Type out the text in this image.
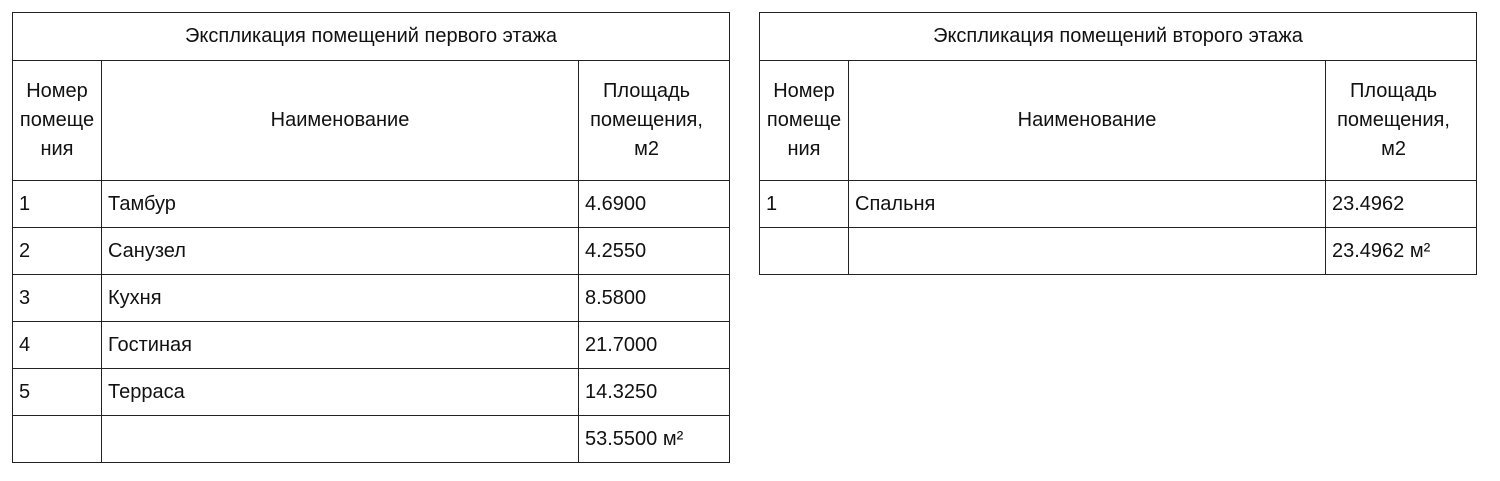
Экспликация помещений первого этажа		
Номер помеще ния	Наименование	Площадь помещения, м2
1	Тамбур	4.6900
2	Санузел	4.2550
3	Кухня	8.5800
4	Гостиная	21.7000
5	Терраса	14.3250
		53.5500 м²
Экспликация помещений второго этажа		
Номер помеще ния	Наименование	Площадь помещения, м2
1	Спальня	23.4962
		23.4962 м²
